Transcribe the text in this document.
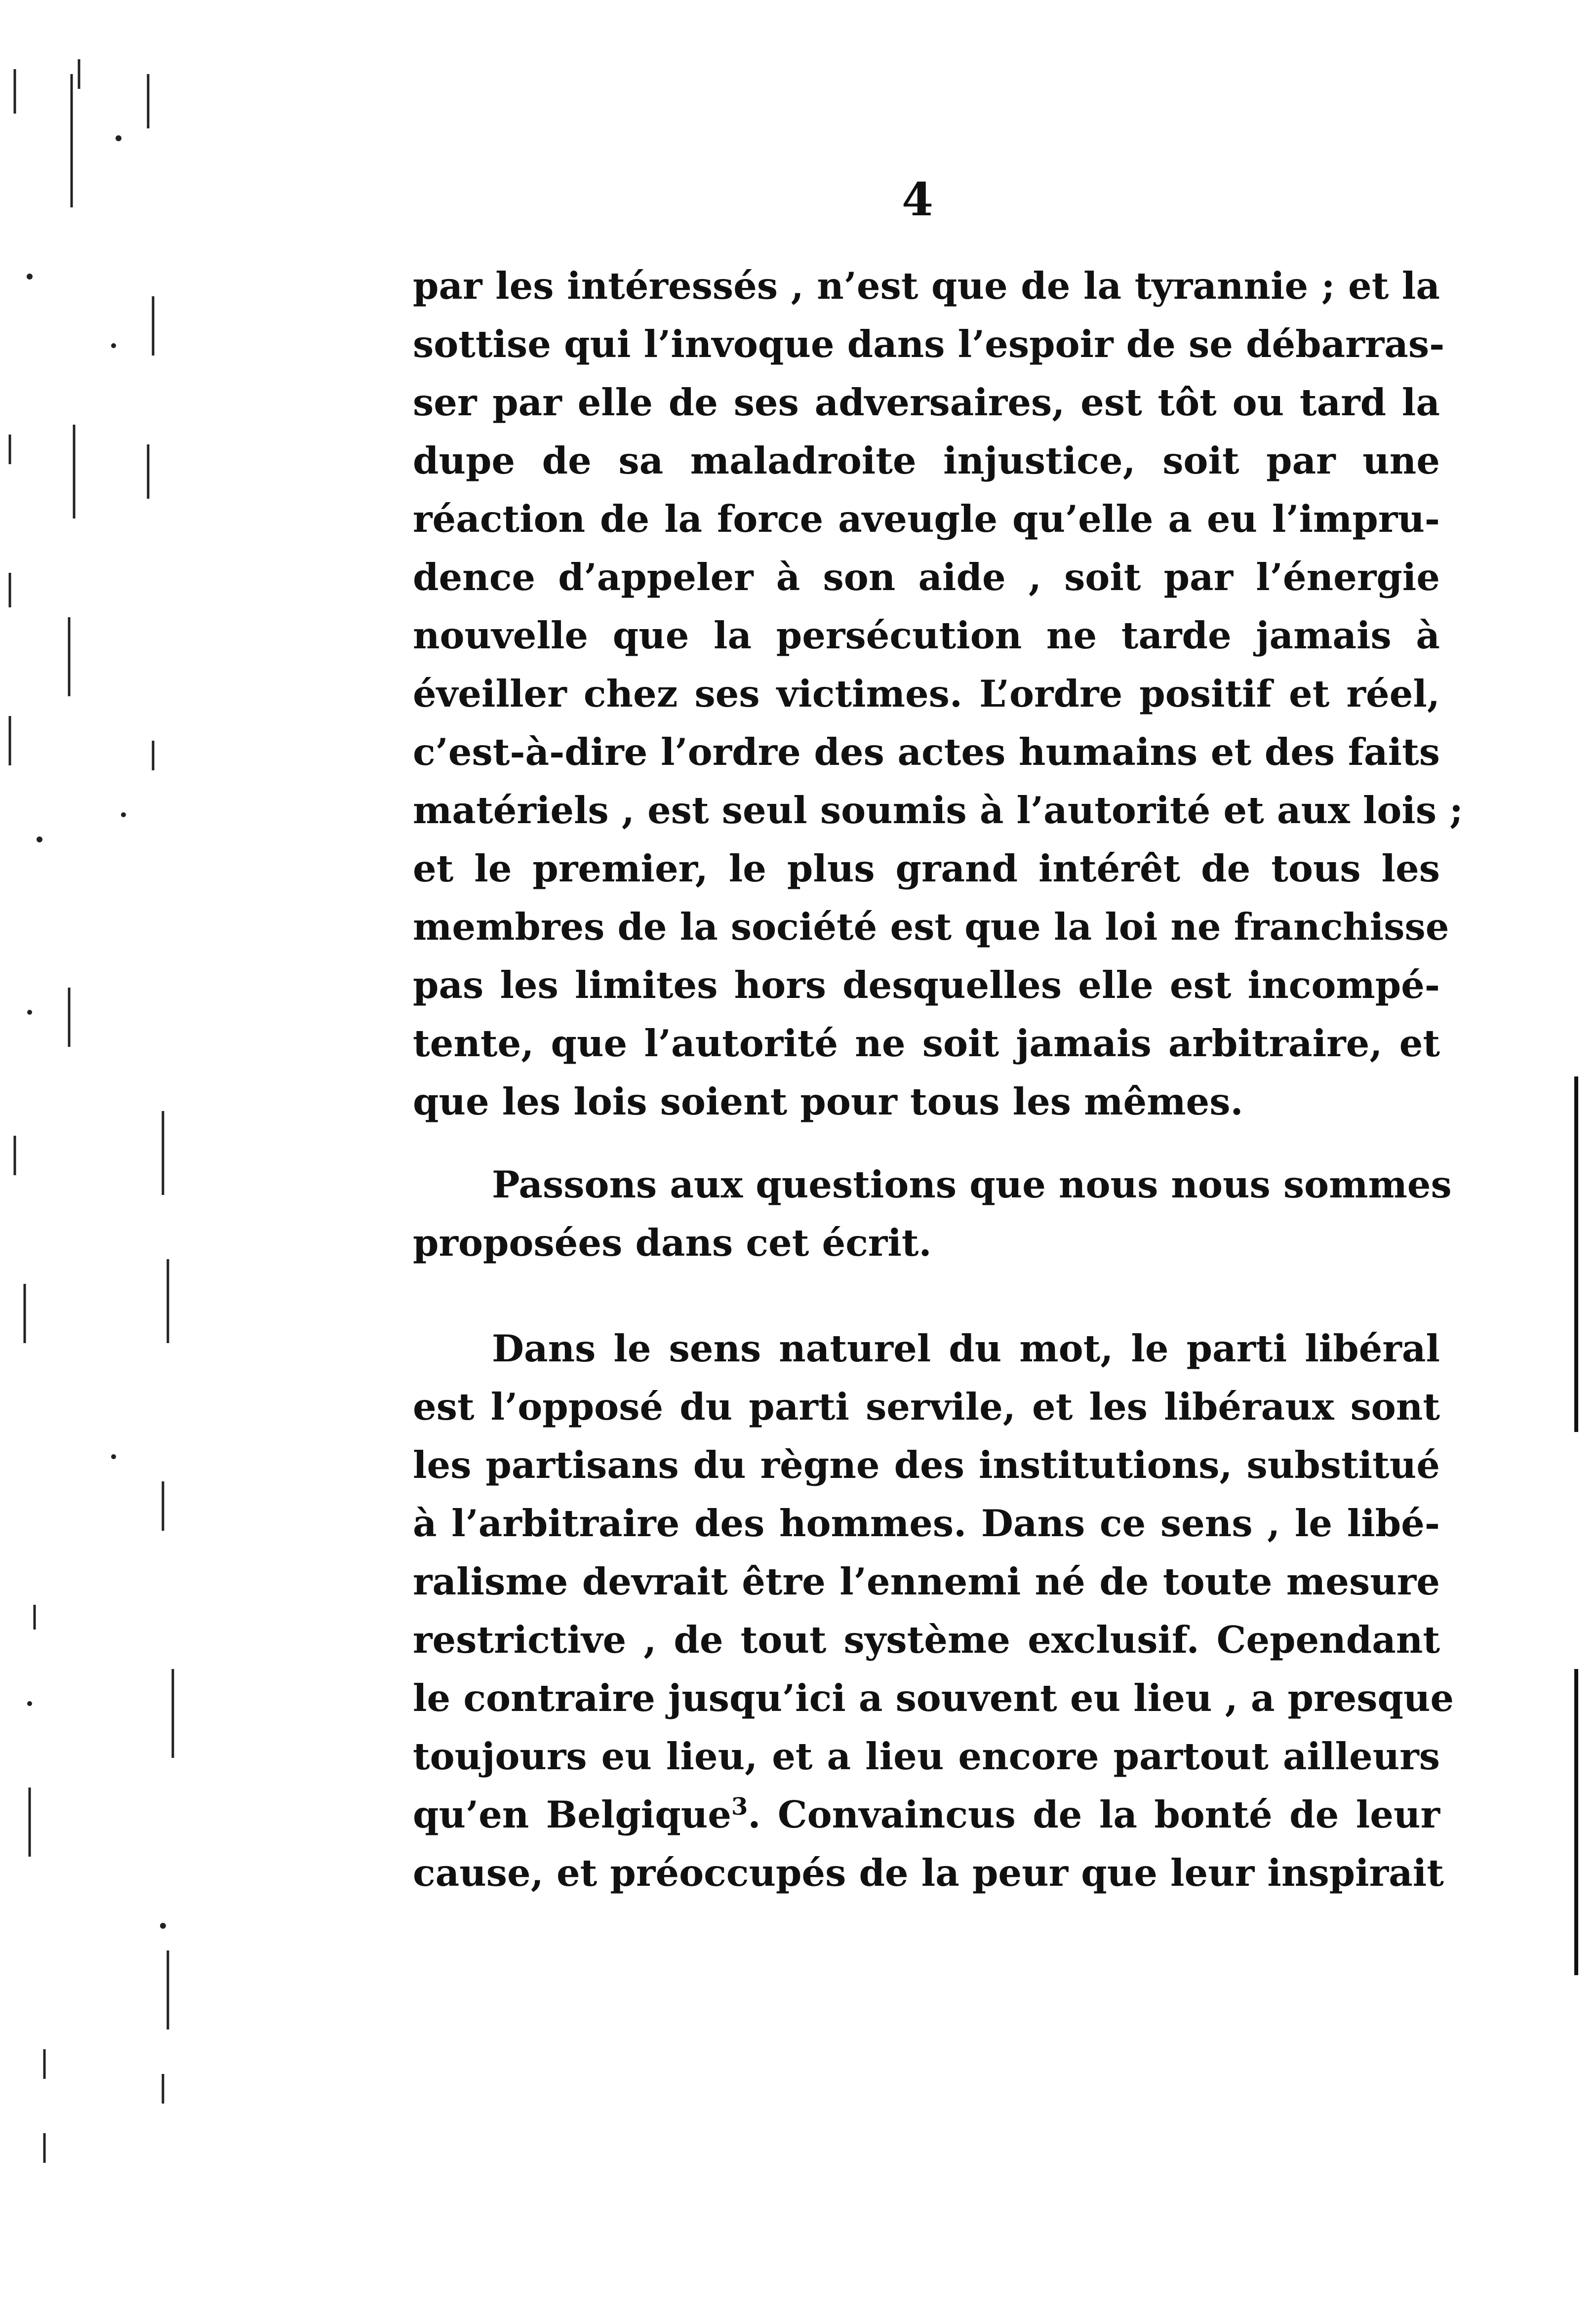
4
par les intéressés , n’est que de la tyrannie ; et la
sottise qui l’invoque dans l’espoir de se débarras-
ser par elle de ses adversaires, est tôt ou tard la
dupe de sa maladroite injustice, soit par une
réaction de la force aveugle qu’elle a eu l’impru-
dence d’appeler à son aide , soit par l’énergie
nouvelle que la persécution ne tarde jamais à
éveiller chez ses victimes. L’ordre positif et réel,
c’est-à-dire l’ordre des actes humains et des faits
matériels , est seul soumis à l’autorité et aux lois ;
et le premier, le plus grand intérêt de tous les
membres de la société est que la loi ne franchisse
pas les limites hors desquelles elle est incompé-
tente, que l’autorité ne soit jamais arbitraire, et
que les lois soient pour tous les mêmes.
Passons aux questions que nous nous sommes
proposées dans cet écrit.
Dans le sens naturel du mot, le parti libéral
est l’opposé du parti servile, et les libéraux sont
les partisans du règne des institutions, substitué
à l’arbitraire des hommes. Dans ce sens , le libé-
ralisme devrait être l’ennemi né de toute mesure
restrictive , de tout système exclusif. Cependant
le contraire jusqu’ici a souvent eu lieu , a presque
toujours eu lieu, et a lieu encore partout ailleurs
qu’en Belgique$^3$. Convaincus de la bonté de leur
cause, et préoccupés de la peur que leur inspirait
